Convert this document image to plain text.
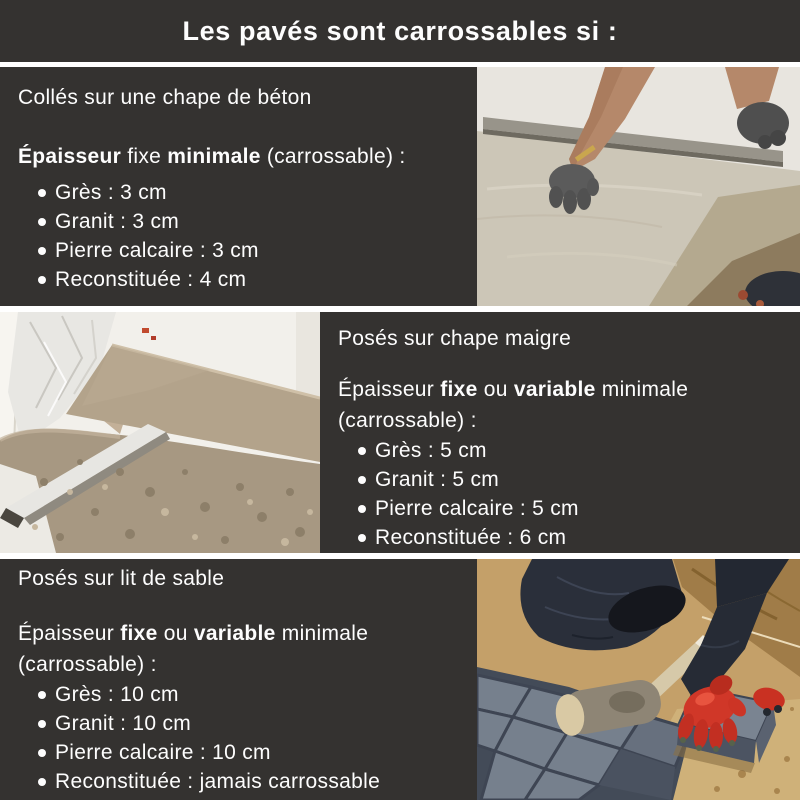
Les pavés sont carrossables si :

Collés sur une chape de béton

Épaisseur fixe minimale (carrossable) :

Grès : 3 cm
Granit : 3 cm
Pierre calcaire : 3 cm
Reconstituée : 4 cm

Posés sur chape maigre

Épaisseur fixe ou variable minimale (carrossable) :

Grès : 5 cm
Granit : 5 cm
Pierre calcaire : 5 cm
Reconstituée : 6 cm

Posés sur lit de sable

Épaisseur fixe ou variable minimale (carrossable) :

Grès : 10 cm
Granit : 10 cm
Pierre calcaire : 10 cm
Reconstituée : jamais carrossable
